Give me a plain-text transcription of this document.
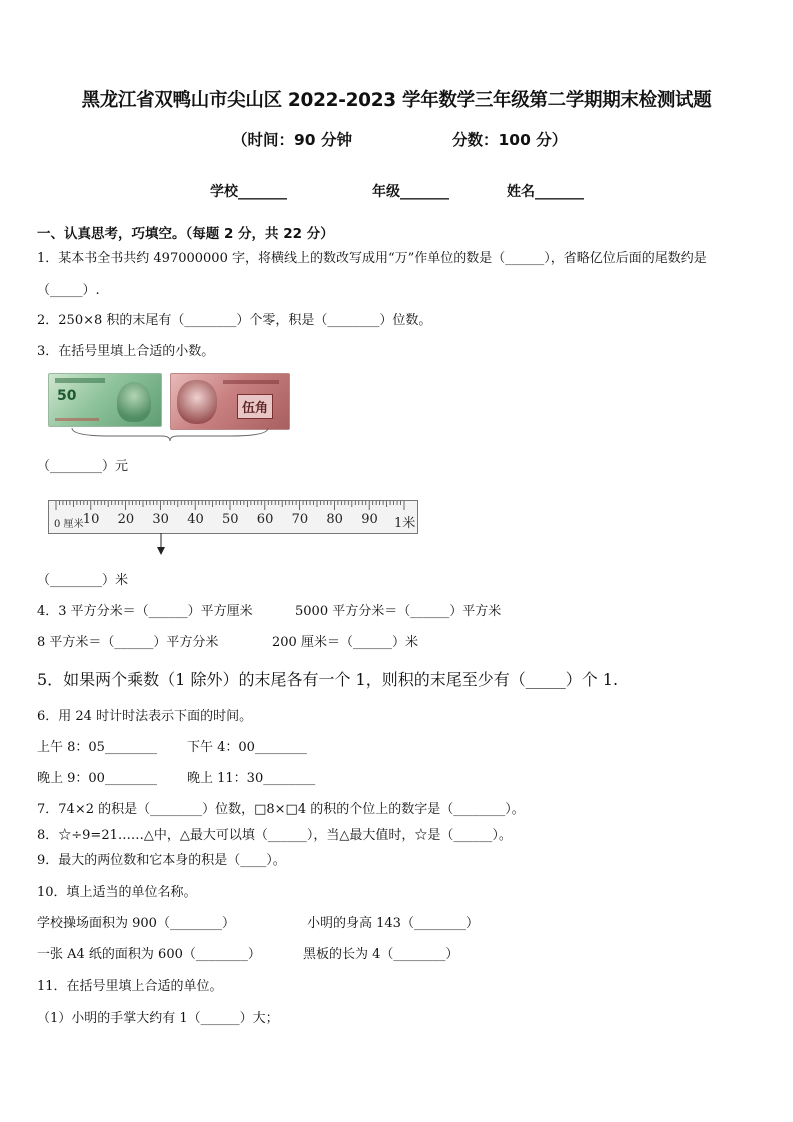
黑龙江省双鸭山市尖山区 2022-2023 学年数学三年级第二学期期末检测试题
（时间：90 分钟	分数：100 分）
学校_______	年级_______	姓名_______
一、认真思考，巧填空。（每题 2 分，共 22 分）
1．某本书全书共约 497000000 字，将横线上的数改写成用“万”作单位的数是（______），省略亿位后面的尾数约是
（_____）.
2．250×8 积的末尾有（________）个零，积是（________）位数。
3．在括号里填上合适的小数。
50
伍角
（________）元
0 厘米 10 20 30 40 50 60 70 80 90 1米
（________）米
4．3 平方分米＝（______）平方厘米	5000 平方分米＝（______）平方米
8 平方米＝（______）平方分米	200 厘米＝（______）米
5．如果两个乘数（1 除外）的末尾各有一个 1，则积的末尾至少有（_____）个 1.
6．用 24 时计时法表示下面的时间。
上午 8：05________ 下午 4：00________
晚上 9：00________ 晚上 11：30________
7．74×2 的积是（________）位数，□8×□4 的积的个位上的数字是（________）。
8．☆÷9=21……△中，△最大可以填（______），当△最大值时，☆是（______）。
9．最大的两位数和它本身的积是（____）。
10．填上适当的单位名称。
学校操场面积为 900（________）	小明的身高 143（________）
一张 A4 纸的面积为 600（________）	黑板的长为 4（________）
11．在括号里填上合适的单位。
（1）小明的手掌大约有 1（______）大；
